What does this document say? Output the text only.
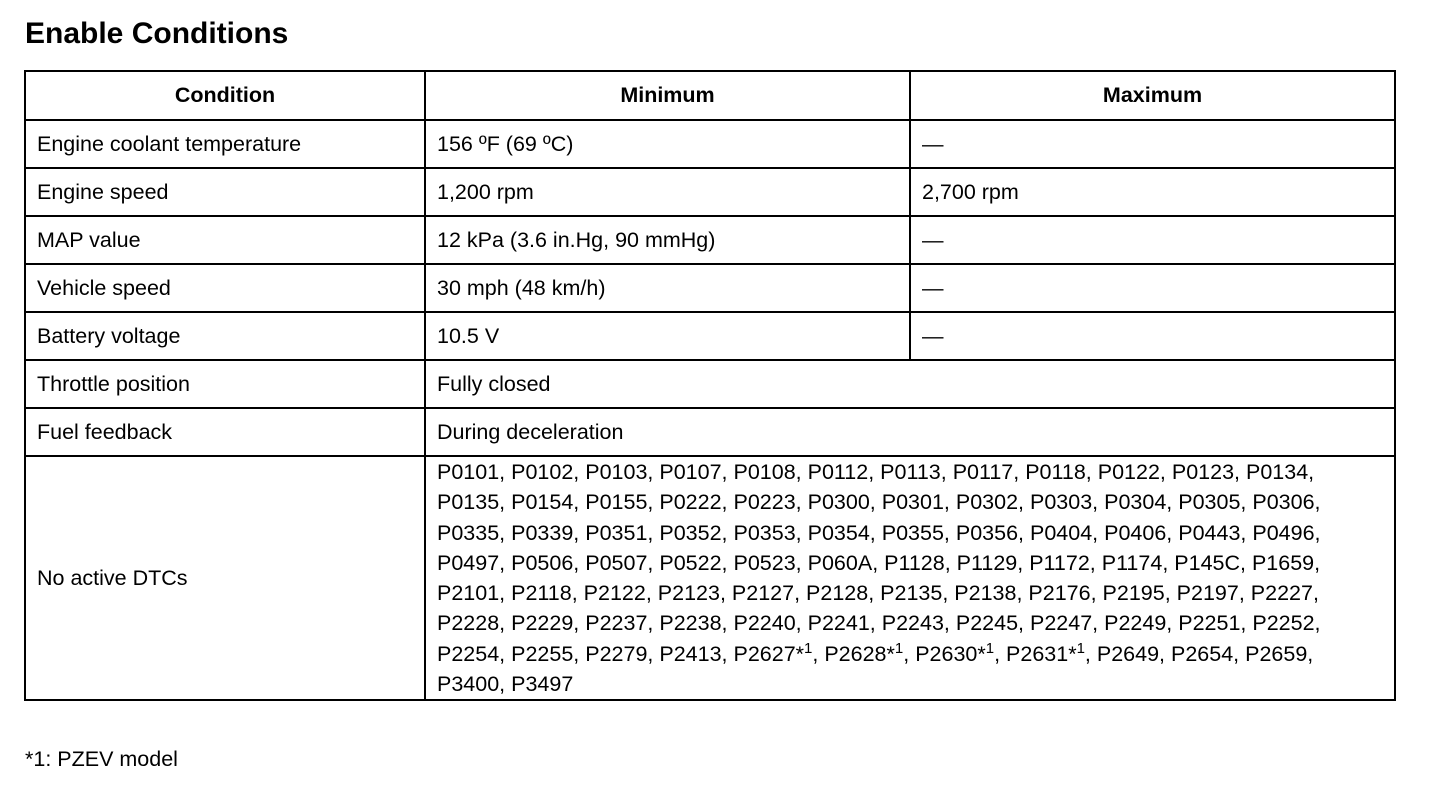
Enable Conditions
Condition	Minimum	Maximum
Engine coolant temperature	156 ºF (69 ºC)	—
Engine speed	1,200 rpm	2,700 rpm
MAP value	12 kPa (3.6 in.Hg, 90 mmHg)	—
Vehicle speed	30 mph (48 km/h)	—
Battery voltage	10.5 V	—
Throttle position	Fully closed	
Fuel feedback	During deceleration	
No active DTCs	P0101, P0102, P0103, P0107, P0108, P0112, P0113, P0117, P0118, P0122, P0123, P0134, P0135, P0154, P0155, P0222, P0223, P0300, P0301, P0302, P0303, P0304, P0305, P0306, P0335, P0339, P0351, P0352, P0353, P0354, P0355, P0356, P0404, P0406, P0443, P0496, P0497, P0506, P0507, P0522, P0523, P060A, P1128, P1129, P1172, P1174, P145C, P1659, P2101, P2118, P2122, P2123, P2127, P2128, P2135, P2138, P2176, P2195, P2197, P2227, P2228, P2229, P2237, P2238, P2240, P2241, P2243, P2245, P2247, P2249, P2251, P2252, P2254, P2255, P2279, P2413, P2627*$^1$, P2628*$^1$, P2630*$^1$, P2631*$^1$, P2649, P2654, P2659, P3400, P3497	
*1: PZEV model
